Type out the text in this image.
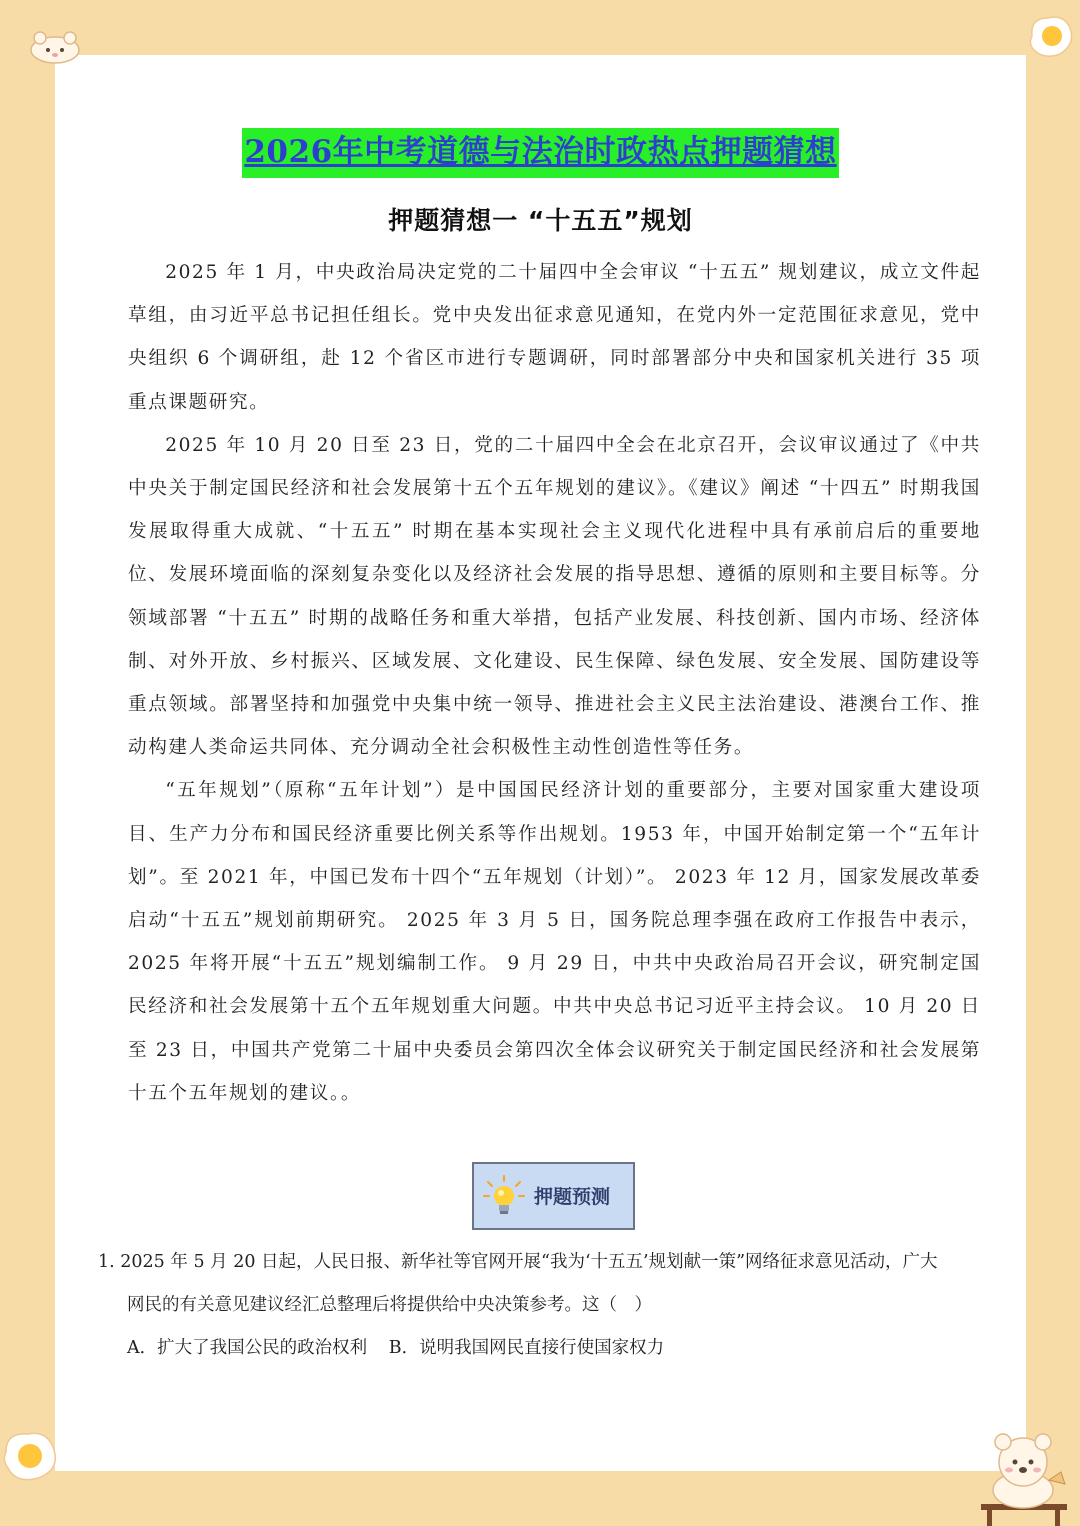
2026年中考道德与法治时政热点押题猜想
押题猜想一 “十五五”规划

2025 年 1 月，中央政治局决定党的二十届四中全会审议 “十五五” 规划建议，成立文件起草组，由习近平总书记担任组长。党中央发出征求意见通知，在党内外一定范围征求意见，党中央组织 6 个调研组，赴 12 个省区市进行专题调研，同时部署部分中央和国家机关进行 35 项重点课题研究。

2025 年 10 月 20 日至 23 日，党的二十届四中全会在北京召开，会议审议通过了《中共中央关于制定国民经济和社会发展第十五个五年规划的建议》。《建议》阐述 “十四五” 时期我国发展取得重大成就、“十五五” 时期在基本实现社会主义现代化进程中具有承前启后的重要地位、发展环境面临的深刻复杂变化以及经济社会发展的指导思想、遵循的原则和主要目标等。分领域部署 “十五五” 时期的战略任务和重大举措，包括产业发展、科技创新、国内市场、经济体制、对外开放、乡村振兴、区域发展、文化建设、民生保障、绿色发展、安全发展、国防建设等重点领域。部署坚持和加强党中央集中统一领导、推进社会主义民主法治建设、港澳台工作、推动构建人类命运共同体、充分调动全社会积极性主动性创造性等任务。

“五年规划”（原称“五年计划”）是中国国民经济计划的重要部分，主要对国家重大建设项目、生产力分布和国民经济重要比例关系等作出规划。1953 年，中国开始制定第一个“五年计划”。至 2021 年，中国已发布十四个“五年规划（计划）”。 2023 年 12 月，国家发展改革委启动“十五五”规划前期研究。 2025 年 3 月 5 日，国务院总理李强在政府工作报告中表示，2025 年将开展“十五五”规划编制工作。 9 月 29 日，中共中央政治局召开会议，研究制定国民经济和社会发展第十五个五年规划重大问题。中共中央总书记习近平主持会议。 10 月 20 日至 23 日，中国共产党第二十届中央委员会第四次全体会议研究关于制定国民经济和社会发展第十五个五年规划的建议。。

押题预测

1. 2025 年 5 月 20 日起，人民日报、新华社等官网开展“我为‘十五五’规划献一策”网络征求意见活动，广大

网民的有关意见建议经汇总整理后将提供给中央决策参考。这（　）

A．扩大了我国公民的政治权利 B．说明我国网民直接行使国家权力
